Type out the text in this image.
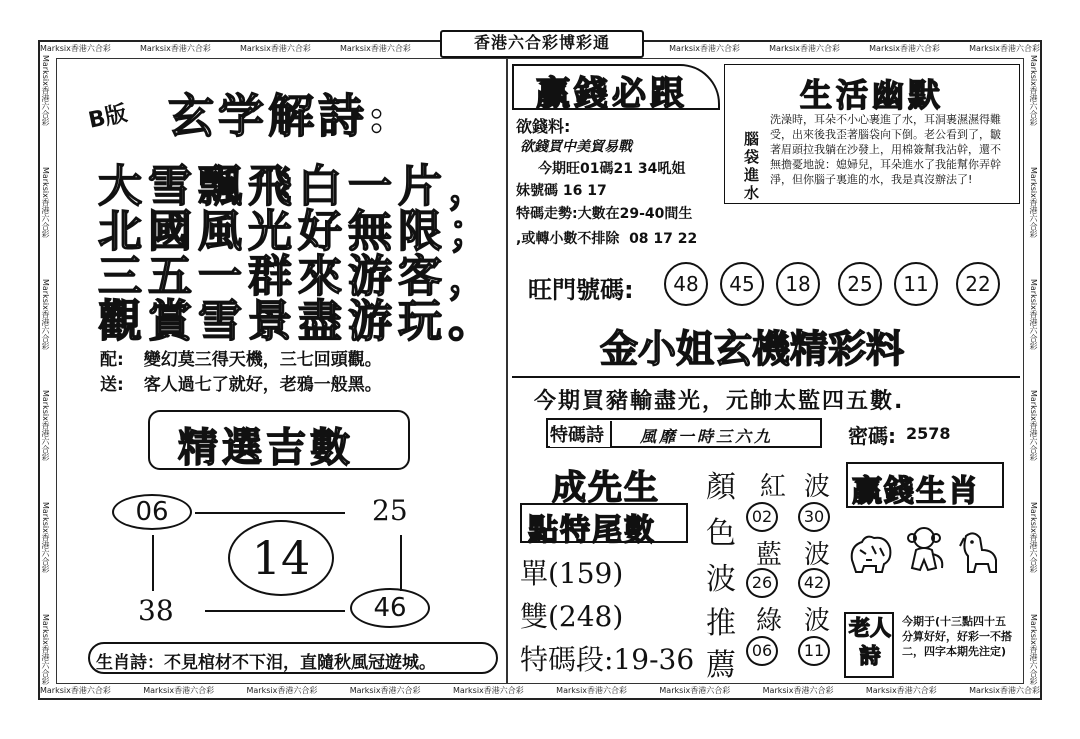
Marksix香港六合彩	Marksix香港六合彩	Marksix香港六合彩	Marksix香港六合彩	Marksix香港六合彩	Marksix香港六合彩	Marksix香港六合彩	Marksix香港六合彩
Marksix香港六合彩	Marksix香港六合彩	Marksix香港六合彩	Marksix香港六合彩	Marksix香港六合彩	Marksix香港六合彩	Marksix香港六合彩	Marksix香港六合彩	Marksix香港六合彩	Marksix香港六合彩
Marksix香港六合彩
Marksix香港六合彩
Marksix香港六合彩
Marksix香港六合彩
Marksix香港六合彩
Marksix香港六合彩
Marksix香港六合彩
Marksix香港六合彩
Marksix香港六合彩
Marksix香港六合彩
Marksix香港六合彩
Marksix香港六合彩
香港六合彩博彩通
B版 玄学解詩:
大雪飄飛白一片，
北國風光好無限；
三五一群來游客，
觀賞雪景盡游玩。
配: 變幻莫三得天機，三七回頭觀。
送: 客人過七了就好，老鴉一般黑。
精選吉數
06	25
14
38	46
生肖詩：不見棺材不下泪，直隨秋風冠遊城。
贏錢必跟
欲錢料:
欲錢買中美貿易戰
今期旺01碼21 34吼姐
妹號碼 16 17
特碼走勢:大數在29-40間生
,或轉小數不排除  08 17 22
生活幽默
腦袋進水
洗澡時，耳朵不小心裹進了水，耳洞裹濕濕得難受，出來後我歪著腦袋向下倒。老公看到了，皺著眉頭拉我躺在沙發上，用棉簽幫我沾幹，還不無擔憂地說：媳婦兒，耳朵進水了我能幫你弄幹淨，但你腦子裏進的水，我是真沒辦法了!
旺門號碼:	48	45	18	25	11	22
金小姐玄機精彩料
今期買豬輸盡光，元帥太監四五數.
特碼詩	風靡一時三六九	密碼: 2578
成先生
點特尾數
單(159)
雙(248)
特碼段:19-36
顏
色
波
推
薦
紅 波
02	30
藍 波
26	42
綠 波
06	11
贏錢生肖
老人詩
今期于(十三點四十五分算好好，好彩一不搭二，四字本期先注定)
